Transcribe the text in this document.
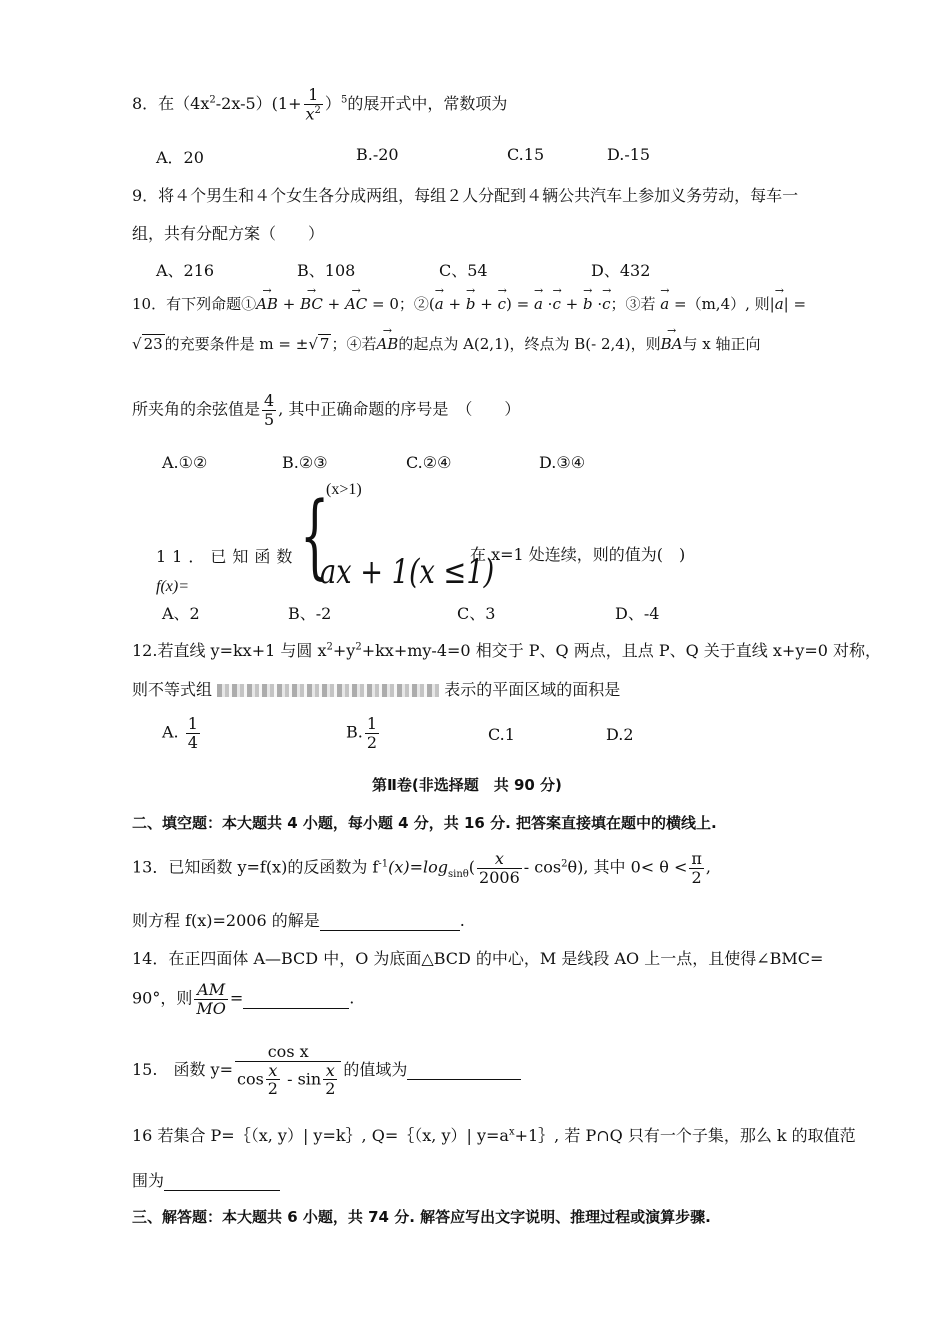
8．在$(4x^2-2x-5)(1+ \frac{1}{x^2} )^5$的展开式中，常数项为
A．20	B.-20	C.15	D.-15
9．将４个男生和４个女生各分成两组，每组２人分配到４辆公共汽车上参加义务劳动，每车一
组，共有分配方案（　　）
A、216	B、108	C、54	D、432
10．有下列命题①→ AB + → BC + → AC = 0；②(→ a + → b + → c) = → a ·→ c + → b ·→ c；③若 → a =（m,4）, 则|→ a| =
√ 23 的充要条件是 m = ±√ 7 ；④若→ AB的起点为 A(2,1)，终点为 B(- 2,4)，则→ BA与 x 轴正向
所夹角的余弦值是 $\frac{4}{5}$ , 其中正确命题的序号是　（　　）
A.①②	B.②③	C.②④	D.③④
(x>1)
{
11．已知函数 ax + 1(x ≤1)
在 x=1 处连续，则的值为(　)
f(x)=
A、2	B、-2	C、3	D、-4
12.若直线 y=kx+1 与圆 $x^2+y^2+kx+my-4=0$ 相交于 P、Q 两点，且点 P、Q 关于直线 x+y=0 对称，
则不等式组	表示的平面区域的面积是
A. $\frac{1}{4}$	B. $\frac{1}{2}$	C.1	D.2
第Ⅱ卷(非选择题　共 90 分)
二、填空题：本大题共 4 小题，每小题 4 分，共 16 分. 把答案直接填在题中的横线上.
13．已知函数 y=f(x)的反函数为 $f^{-1}(x)=\log_{sin\theta}( \frac{x}{2006} - \cos^2\theta)$, 其中 $0< \theta < \frac{\pi}{2}$ ,
则方程 f(x)=2006 的解是	.
14．在正四面体 A—BCD 中，O 为底面△BCD 的中心，M 是线段 AO 上一点，且使得∠BMC=
90°，则 $\frac{AM}{MO}$ =	.
15.　函数 $y= \frac{\text{cos x}}{\cos \frac{x}{2} - \sin \frac{x}{2}}$ 的值域为
16 若集合 P=｛（x, y）| y=k｝, Q=｛（x, y）| $y=a^x+1\}$, 若 P∩Q 只有一个子集，那么 k 的取值范
围为
三、解答题：本大题共 6 小题，共 74 分. 解答应写出文字说明、推理过程或演算步骤.
